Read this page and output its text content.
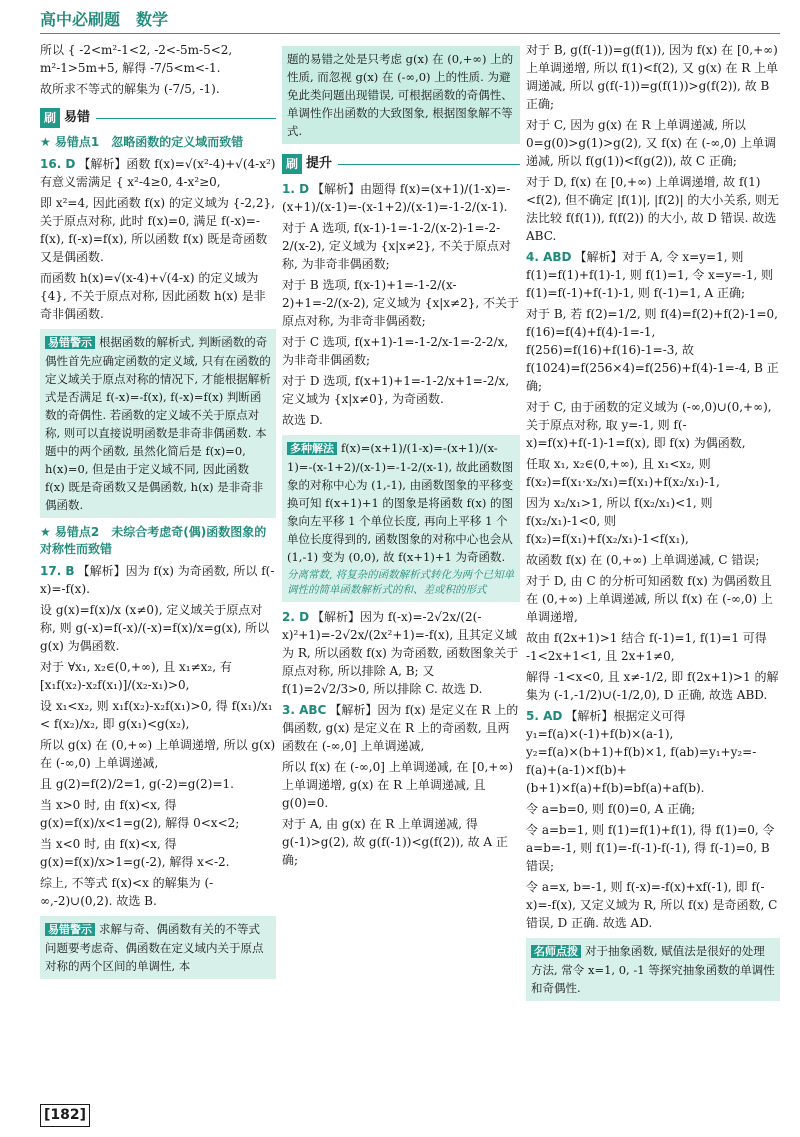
高中必刷题　数学

所以 { -2<m²-1<2, -2<-5m-5<2, m²-1>5m+5, 解得 -7/5<m<-1.

故所求不等式的解集为 (-7/5, -1).

刷 易错
★ 易错点1　忽略函数的定义域而致错

16. D 【解析】函数 f(x)=√(x²-4)+√(4-x²) 有意义需满足 { x²-4≥0, 4-x²≥0,

即 x²=4, 因此函数 f(x) 的定义域为 {-2,2}, 关于原点对称, 此时 f(x)=0, 满足 f(-x)=-f(x), f(-x)=f(x), 所以函数 f(x) 既是奇函数又是偶函数.

而函数 h(x)=√(x-4)+√(4-x) 的定义域为 {4}, 不关于原点对称, 因此函数 h(x) 是非奇非偶函数.

易错警示 根据函数的解析式, 判断函数的奇偶性首先应确定函数的定义域, 只有在函数的定义域关于原点对称的情况下, 才能根据解析式是否满足 f(-x)=-f(x), f(-x)=f(x) 判断函数的奇偶性. 若函数的定义域不关于原点对称, 则可以直接说明函数是非奇非偶函数. 本题中的两个函数, 虽然化简后是 f(x)=0, h(x)=0, 但是由于定义域不同, 因此函数 f(x) 既是奇函数又是偶函数, h(x) 是非奇非偶函数.
★ 易错点2　未综合考虑奇(偶)函数图象的对称性而致错

17. B 【解析】因为 f(x) 为奇函数, 所以 f(-x)=-f(x).

设 g(x)=f(x)/x (x≠0), 定义域关于原点对称, 则 g(-x)=f(-x)/(-x)=f(x)/x=g(x), 所以 g(x) 为偶函数.

对于 ∀x₁, x₂∈(0,+∞), 且 x₁≠x₂, 有 [x₁f(x₂)-x₂f(x₁)]/(x₂-x₁)>0,

设 x₁<x₂, 则 x₁f(x₂)-x₂f(x₁)>0, 得 f(x₁)/x₁ < f(x₂)/x₂, 即 g(x₁)<g(x₂),

所以 g(x) 在 (0,+∞) 上单调递增, 所以 g(x) 在 (-∞,0) 上单调递减,

且 g(2)=f(2)/2=1, g(-2)=g(2)=1.

当 x>0 时, 由 f(x)<x, 得 g(x)=f(x)/x<1=g(2), 解得 0<x<2;

当 x<0 时, 由 f(x)<x, 得 g(x)=f(x)/x>1=g(-2), 解得 x<-2.

综上, 不等式 f(x)<x 的解集为 (-∞,-2)∪(0,2). 故选 B.

易错警示 求解与奇、偶函数有关的不等式问题要考虑奇、偶函数在定义域内关于原点对称的两个区间的单调性, 本
题的易错之处是只考虑 g(x) 在 (0,+∞) 上的性质, 而忽视 g(x) 在 (-∞,0) 上的性质. 为避免此类问题出现错误, 可根据函数的奇偶性、单调性作出函数的大致图象, 根据图象解不等式.
刷 提升

1. D 【解析】由题得 f(x)=(x+1)/(1-x)=-(x+1)/(x-1)=-(x-1+2)/(x-1)=-1-2/(x-1).

对于 A 选项, f(x-1)-1=-1-2/(x-2)-1=-2-2/(x-2), 定义域为 {x|x≠2}, 不关于原点对称, 为非奇非偶函数;

对于 B 选项, f(x-1)+1=-1-2/(x-2)+1=-2/(x-2), 定义域为 {x|x≠2}, 不关于原点对称, 为非奇非偶函数;

对于 C 选项, f(x+1)-1=-1-2/x-1=-2-2/x, 为非奇非偶函数;

对于 D 选项, f(x+1)+1=-1-2/x+1=-2/x, 定义域为 {x|x≠0}, 为奇函数.

故选 D.

多种解法 f(x)=(x+1)/(1-x)=-(x+1)/(x-1)=-(x-1+2)/(x-1)=-1-2/(x-1), 故此函数图象的对称中心为 (1,-1), 由函数图象的平移变换可知 f(x+1)+1 的图象是将函数 f(x) 的图象向左平移 1 个单位长度, 再向上平移 1 个单位长度得到的, 函数图象的对称中心也会从 (1,-1) 变为 (0,0), 故 f(x+1)+1 为奇函数.
分离常数, 将复杂的函数解析式转化为两个已知单调性的简单函数解析式的和、差或积的形式

2. D 【解析】因为 f(-x)=-2√2x/(2(-x)²+1)=-2√2x/(2x²+1)=-f(x), 且其定义域为 R, 所以函数 f(x) 为奇函数, 函数图象关于原点对称, 所以排除 A, B; 又 f(1)=2√2/3>0, 所以排除 C. 故选 D.

3. ABC 【解析】因为 f(x) 是定义在 R 上的偶函数, g(x) 是定义在 R 上的奇函数, 且两函数在 (-∞,0] 上单调递减,

所以 f(x) 在 (-∞,0] 上单调递减, 在 [0,+∞) 上单调递增, g(x) 在 R 上单调递减, 且 g(0)=0.

对于 A, 由 g(x) 在 R 上单调递减, 得 g(-1)>g(2), 故 g(f(-1))<g(f(2)), 故 A 正确;

对于 B, g(f(-1))=g(f(1)), 因为 f(x) 在 [0,+∞) 上单调递增, 所以 f(1)<f(2), 又 g(x) 在 R 上单调递减, 所以 g(f(-1))=g(f(1))>g(f(2)), 故 B 正确;

对于 C, 因为 g(x) 在 R 上单调递减, 所以 0=g(0)>g(1)>g(2), 又 f(x) 在 (-∞,0) 上单调递减, 所以 f(g(1))<f(g(2)), 故 C 正确;

对于 D, f(x) 在 [0,+∞) 上单调递增, 故 f(1)<f(2), 但不确定 |f(1)|, |f(2)| 的大小关系, 则无法比较 f(f(1)), f(f(2)) 的大小, 故 D 错误. 故选 ABC.

4. ABD 【解析】对于 A, 令 x=y=1, 则 f(1)=f(1)+f(1)-1, 则 f(1)=1, 令 x=y=-1, 则 f(1)=f(-1)+f(-1)-1, 则 f(-1)=1, A 正确;

对于 B, 若 f(2)=1/2, 则 f(4)=f(2)+f(2)-1=0, f(16)=f(4)+f(4)-1=-1, f(256)=f(16)+f(16)-1=-3, 故 f(1024)=f(256×4)=f(256)+f(4)-1=-4, B 正确;

对于 C, 由于函数的定义域为 (-∞,0)∪(0,+∞), 关于原点对称, 取 y=-1, 则 f(-x)=f(x)+f(-1)-1=f(x), 即 f(x) 为偶函数,

任取 x₁, x₂∈(0,+∞), 且 x₁<x₂, 则 f(x₂)=f(x₁·x₂/x₁)=f(x₁)+f(x₂/x₁)-1,

因为 x₂/x₁>1, 所以 f(x₂/x₁)<1, 则 f(x₂/x₁)-1<0, 则 f(x₂)=f(x₁)+f(x₂/x₁)-1<f(x₁),

故函数 f(x) 在 (0,+∞) 上单调递减, C 错误;

对于 D, 由 C 的分析可知函数 f(x) 为偶函数且在 (0,+∞) 上单调递减, 所以 f(x) 在 (-∞,0) 上单调递增,

故由 f(2x+1)>1 结合 f(-1)=1, f(1)=1 可得 -1<2x+1<1, 且 2x+1≠0,

解得 -1<x<0, 且 x≠-1/2, 即 f(2x+1)>1 的解集为 (-1,-1/2)∪(-1/2,0), D 正确, 故选 ABD.

5. AD 【解析】根据定义可得 y₁=f(a)×(-1)+f(b)×(a-1), y₂=f(a)×(b+1)+f(b)×1, f(ab)=y₁+y₂=-f(a)+(a-1)×f(b)+(b+1)×f(a)+f(b)=bf(a)+af(b).

令 a=b=0, 则 f(0)=0, A 正确;

令 a=b=1, 则 f(1)=f(1)+f(1), 得 f(1)=0, 令 a=b=-1, 则 f(1)=-f(-1)-f(-1), 得 f(-1)=0, B 错误;

令 a=x, b=-1, 则 f(-x)=-f(x)+xf(-1), 即 f(-x)=-f(x), 又定义域为 R, 所以 f(x) 是奇函数, C 错误, D 正确. 故选 AD.

名师点拨 对于抽象函数, 赋值法是很好的处理方法, 常令 x=1, 0, -1 等探究抽象函数的单调性和奇偶性.
[182]
